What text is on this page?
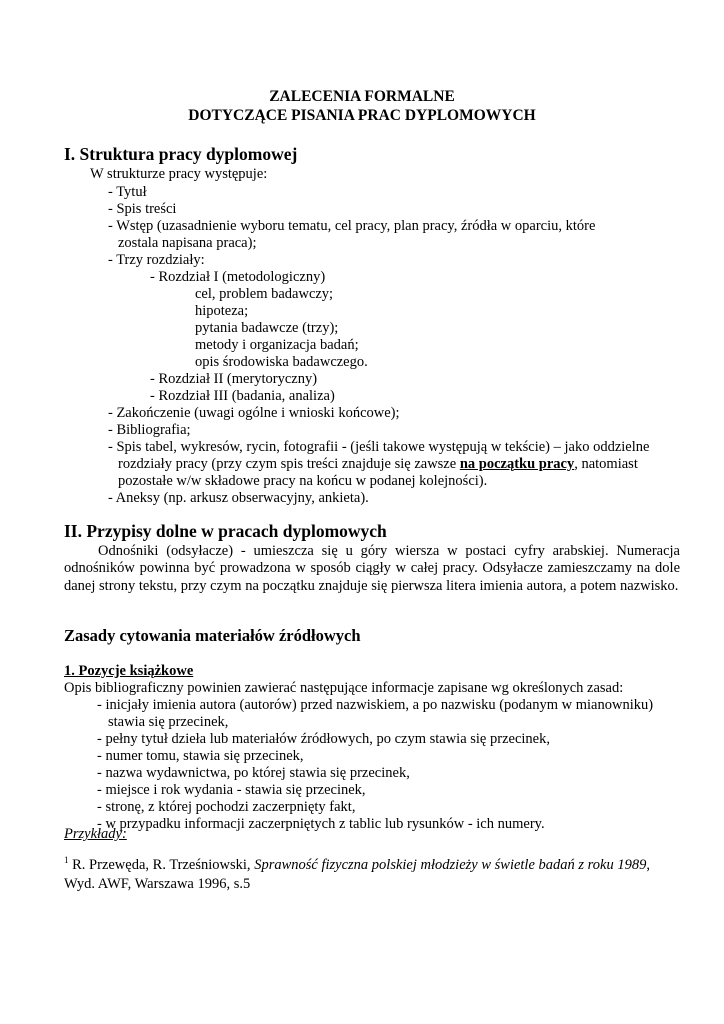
ZALECENIA FORMALNE
DOTYCZĄCE PISANIA PRAC DYPLOMOWYCH
I. Struktura pracy dyplomowej
W strukturze pracy występuje:
- Tytuł
- Spis treści
- Wstęp (uzasadnienie wyboru tematu, cel pracy, plan pracy, źródła w oparciu, które
zostala napisana praca);
- Trzy rozdziały:
- Rozdział I (metodologiczny)
cel, problem badawczy;
hipoteza;
pytania badawcze (trzy);
metody i organizacja badań;
opis środowiska badawczego.
- Rozdział II (merytoryczny)
- Rozdział III (badania, analiza)
- Zakończenie (uwagi ogólne i wnioski końcowe);
- Bibliografia;
- Spis tabel, wykresów, rycin, fotografii - (jeśli takowe występują w tekście) – jako oddzielne
rozdziały pracy (przy czym spis treści znajduje się zawsze na początku pracy, natomiast
pozostałe w/w składowe pracy na końcu w podanej kolejności).
- Aneksy (np. arkusz obserwacyjny, ankieta).
II. Przypisy dolne w pracach dyplomowych
Odnośniki (odsyłacze) - umieszcza się u góry wiersza w postaci cyfry arabskiej. Numeracja odnośników powinna być prowadzona w sposób ciągły w całej pracy. Odsyłacze zamieszczamy na dole danej strony tekstu, przy czym na początku znajduje się pierwsza litera imienia autora, a potem nazwisko.
Zasady cytowania materiałów źródłowych
1. Pozycje książkowe
Opis bibliograficzny powinien zawierać następujące informacje zapisane wg określonych zasad:
- inicjały imienia autora (autorów) przed nazwiskiem, a po nazwisku (podanym w mianowniku)
stawia się przecinek,
- pełny tytuł dzieła lub materiałów źródłowych, po czym stawia się przecinek,
- numer tomu, stawia się przecinek,
- nazwa wydawnictwa, po której stawia się przecinek,
- miejsce i rok wydania - stawia się przecinek,
- stronę, z której pochodzi zaczerpnięty fakt,
- w przypadku informacji zaczerpniętych z tablic lub rysunków - ich numery.
Przykłady:
$^1$ R. Przewęda, R. Trześniowski, Sprawność fizyczna polskiej młodzieży w świetle badań z roku 1989,
Wyd. AWF, Warszawa 1996, s.5
